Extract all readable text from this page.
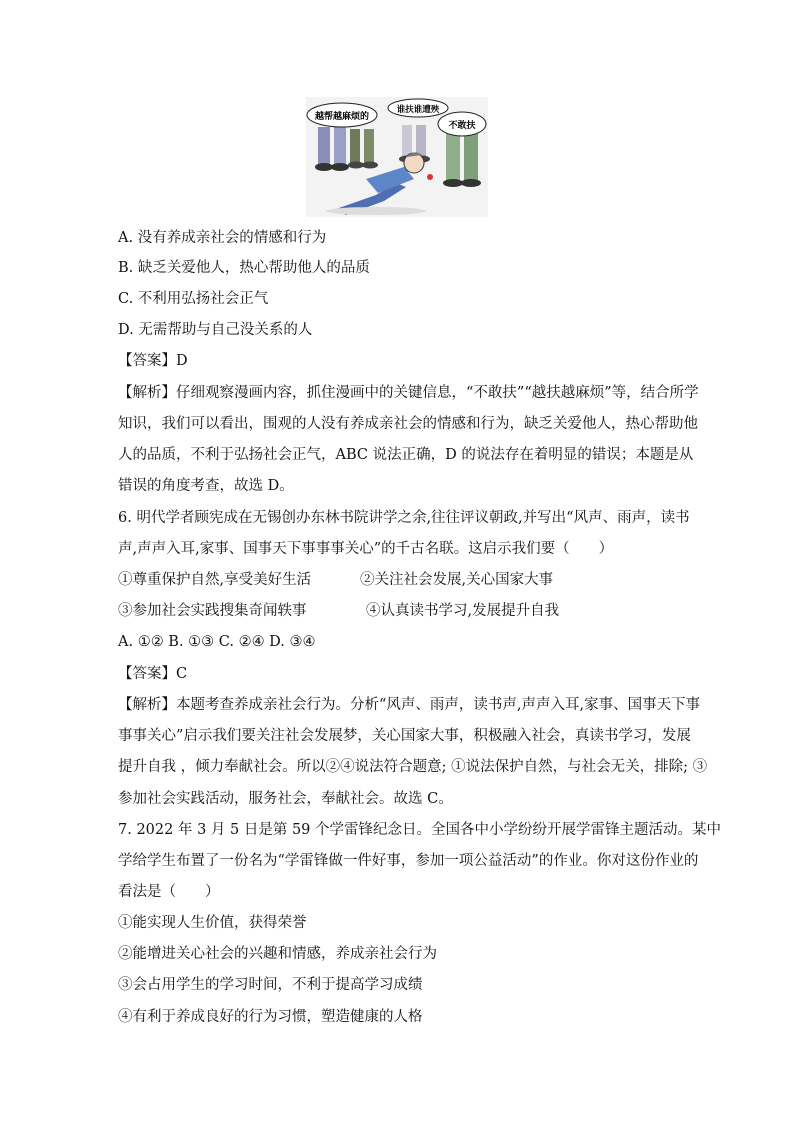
越帮越麻烦的
谁扶谁遭殃
不敢扶
A. 没有养成亲社会的情感和行为
B. 缺乏关爱他人，热心帮助他人的品质
C. 不利用弘扬社会正气
D. 无需帮助与自己没关系的人
【答案】D
【解析】仔细观察漫画内容，抓住漫画中的关键信息，“不敢扶”“越扶越麻烦”等，结合所学
知识，我们可以看出，围观的人没有养成亲社会的情感和行为，缺乏关爱他人，热心帮助他
人的品质，不利于弘扬社会正气，ABC 说法正确，D 的说法存在着明显的错误；本题是从
错误的角度考查，故选 D。
6. 明代学者顾宪成在无锡创办东林书院讲学之余,往往评议朝政,并写出“风声、雨声，读书
声,声声入耳,家事、国事天下事事事关心”的千古名联。这启示我们要（　　）
①尊重保护自然,享受美好生活	②关注社会发展,关心国家大事
③参加社会实践搜集奇闻轶事	④认真读书学习,发展提升自我
A. ①② B. ①③ C. ②④ D. ③④
【答案】C
【解析】本题考查养成亲社会行为。分析“风声、雨声，读书声,声声入耳,家事、国事天下事
事事关心”启示我们要关注社会发展梦，关心国家大事，积极融入社会，真读书学习，发展
提升自我 ，倾力奉献社会。所以②④说法符合题意; ①说法保护自然，与社会无关，排除; ③
参加社会实践活动，服务社会，奉献社会。故选 C。
7. 2022 年 3 月 5 日是第 59 个学雷锋纪念日。全国各中小学纷纷开展学雷锋主题活动。某中
学给学生布置了一份名为“学雷锋做一件好事，参加一项公益活动”的作业。你对这份作业的
看法是（　　）
①能实现人生价值，获得荣誉
②能增进关心社会的兴趣和情感，养成亲社会行为
③会占用学生的学习时间，不利于提高学习成绩
④有利于养成良好的行为习惯，塑造健康的人格
